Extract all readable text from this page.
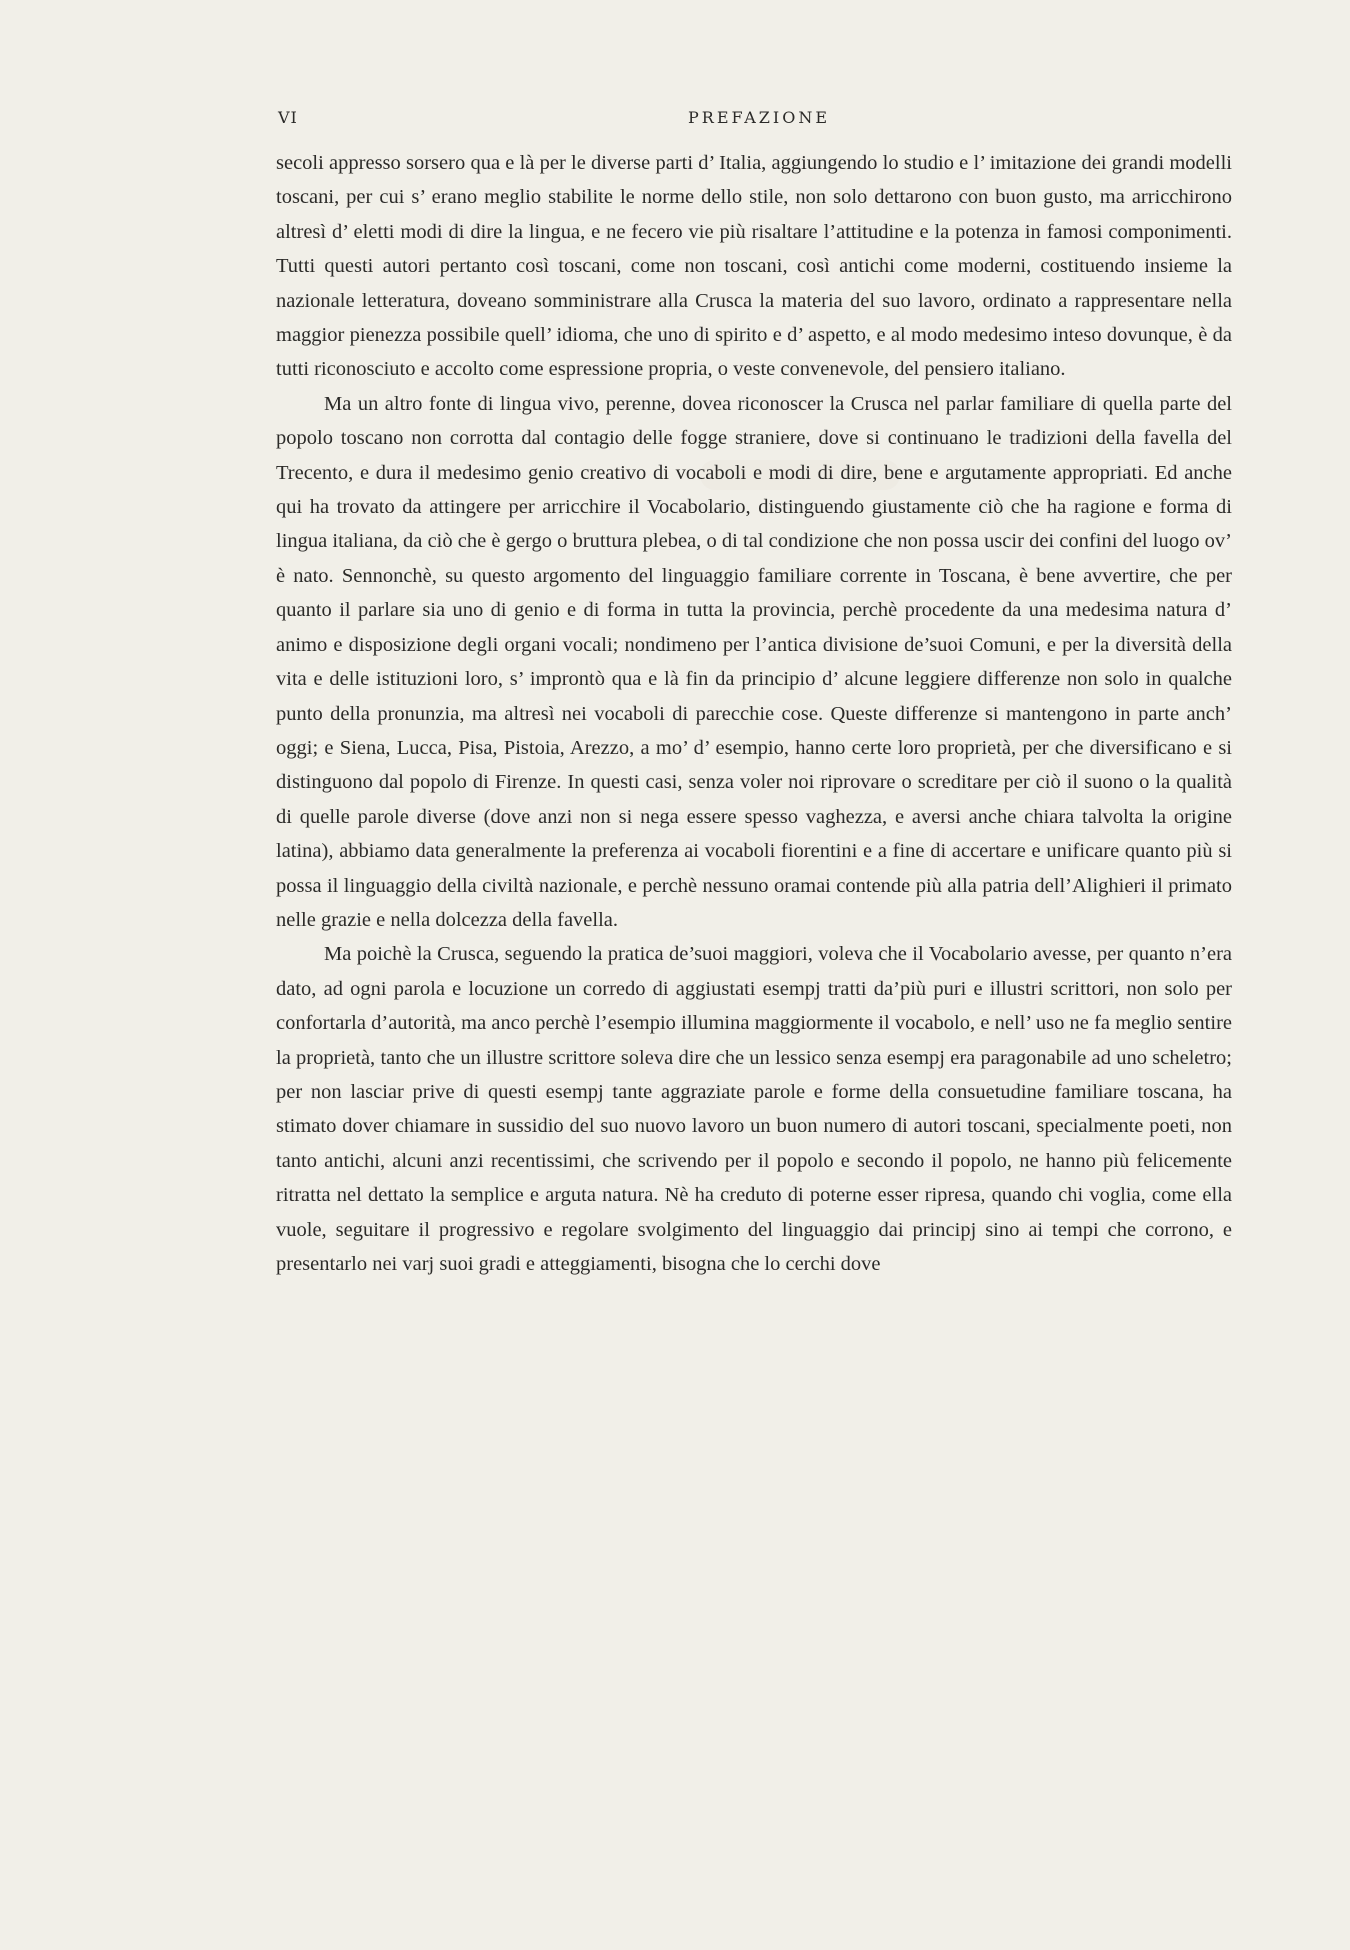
VI	PREFAZIONE

secoli appresso sorsero qua e là per le diverse parti d’ Italia, aggiungendo lo studio e l’ imitazione dei grandi modelli toscani, per cui s’ erano meglio stabilite le norme dello stile, non solo dettarono con buon gusto, ma arricchirono altresì d’ eletti modi di dire la lingua, e ne fecero vie più risaltare l’attitudine e la potenza in famosi componimenti. Tutti questi autori pertanto così toscani, come non toscani, così antichi come moderni, costituendo insieme la nazionale letteratura, doveano somministrare alla Crusca la materia del suo lavoro, ordinato a rappresentare nella maggior pienezza possibile quell’ idioma, che uno di spirito e d’ aspetto, e al modo medesimo inteso dovunque, è da tutti riconosciuto e accolto come espressione propria, o veste convenevole, del pensiero italiano.

Ma un altro fonte di lingua vivo, perenne, dovea riconoscer la Crusca nel parlar familiare di quella parte del popolo toscano non corrotta dal contagio delle fogge straniere, dove si continuano le tradizioni della favella del Trecento, e dura il medesimo genio creativo di vocaboli e modi di dire, bene e argutamente appropriati. Ed anche qui ha trovato da attingere per arricchire il Vocabolario, distinguendo giustamente ciò che ha ragione e forma di lingua italiana, da ciò che è gergo o bruttura plebea, o di tal condizione che non possa uscir dei confini del luogo ov’ è nato. Sennonchè, su questo argomento del linguaggio familiare corrente in Toscana, è bene avvertire, che per quanto il parlare sia uno di genio e di forma in tutta la provincia, perchè procedente da una medesima natura d’ animo e disposizione degli organi vocali; nondimeno per l’antica divisione de’suoi Comuni, e per la diversità della vita e delle istituzioni loro, s’ improntò qua e là fin da principio d’ alcune leggiere differenze non solo in qualche punto della pronunzia, ma altresì nei vocaboli di parecchie cose. Queste differenze si mantengono in parte anch’ oggi; e Siena, Lucca, Pisa, Pistoia, Arezzo, a mo’ d’ esempio, hanno certe loro proprietà, per che diversificano e si distinguono dal popolo di Firenze. In questi casi, senza voler noi riprovare o screditare per ciò il suono o la qualità di quelle parole diverse (dove anzi non si nega essere spesso vaghezza, e aversi anche chiara talvolta la origine latina), abbiamo data generalmente la preferenza ai vocaboli fiorentini e a fine di accertare e unificare quanto più si possa il linguaggio della civiltà nazionale, e perchè nessuno oramai contende più alla patria dell’Alighieri il primato nelle grazie e nella dolcezza della favella.

Ma poichè la Crusca, seguendo la pratica de’suoi maggiori, voleva che il Vocabolario avesse, per quanto n’era dato, ad ogni parola e locuzione un corredo di aggiustati esempj tratti da’più puri e illustri scrittori, non solo per confortarla d’autorità, ma anco perchè l’esempio illumina maggiormente il vocabolo, e nell’ uso ne fa meglio sentire la proprietà, tanto che un illustre scrittore soleva dire che un lessico senza esempj era paragonabile ad uno scheletro; per non lasciar prive di questi esempj tante aggraziate parole e forme della consuetudine familiare toscana, ha stimato dover chiamare in sussidio del suo nuovo lavoro un buon numero di autori toscani, specialmente poeti, non tanto antichi, alcuni anzi recentissimi, che scrivendo per il popolo e secondo il popolo, ne hanno più felicemente ritratta nel dettato la semplice e arguta natura. Nè ha creduto di poterne esser ripresa, quando chi voglia, come ella vuole, seguitare il progressivo e regolare svolgimento del linguaggio dai principj sino ai tempi che corrono, e presentarlo nei varj suoi gradi e atteggiamenti, bisogna che lo cerchi dove
